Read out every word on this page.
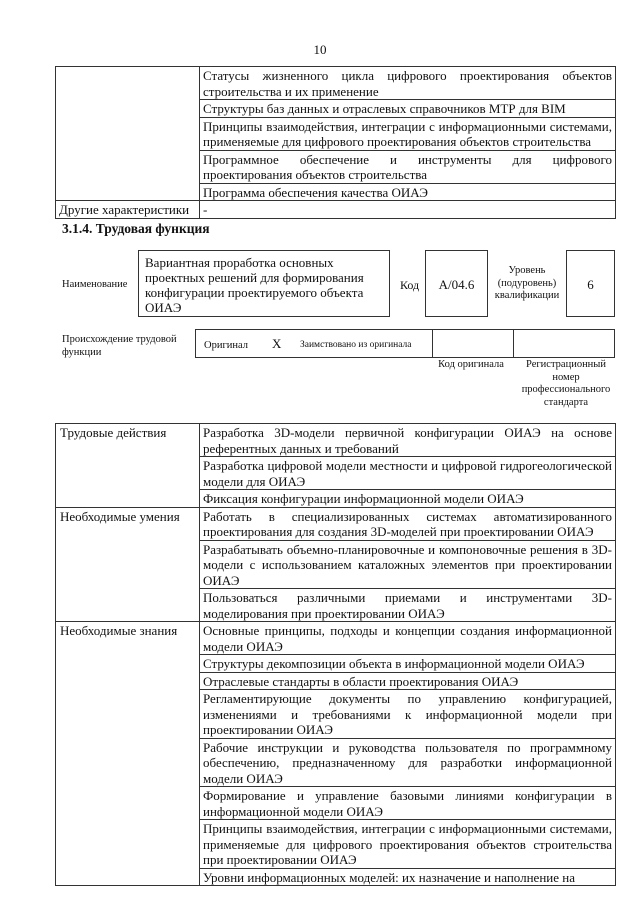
10
	Статусы жизненного цикла цифрового проектирования объектов строительства и их применение
	Структуры баз данных и отраслевых справочников МТР для BIM
	Принципы взаимодействия, интеграции с информационными системами, применяемые для цифрового проектирования объектов строительства
	Программное обеспечение и инструменты для цифрового проектирования объектов строительства
	Программа обеспечения качества ОИАЭ
Другие характеристики	-
3.1.4. Трудовая функция
Наименование
Вариантная проработка основных проектных решений для формирования конфигурации проектируемого объекта ОИАЭ
Код	A/04.6
Уровень (подуровень) квалификации
6
Происхождение трудовой функции
Оригинал X Заимствовано из оригинала
Код оригинала	Регистрационный номер профессионального стандарта
Трудовые действия	Разработка 3D-модели первичной конфигурации ОИАЭ на основе референтных данных и требований
	Разработка цифровой модели местности и цифровой гидрогеологической модели для ОИАЭ
	Фиксация конфигурации информационной модели ОИАЭ
Необходимые умения	Работать в специализированных системах автоматизированного проектирования для создания 3D-моделей при проектировании ОИАЭ
	Разрабатывать объемно-планировочные и компоновочные решения в 3D-модели с использованием каталожных элементов при проектировании ОИАЭ
	Пользоваться различными приемами и инструментами 3D-моделирования при проектировании ОИАЭ
Необходимые знания	Основные принципы, подходы и концепции создания информационной модели ОИАЭ
	Структуры декомпозиции объекта в информационной модели ОИАЭ
	Отраслевые стандарты в области проектирования ОИАЭ
	Регламентирующие документы по управлению конфигурацией, изменениями и требованиями к информационной модели при проектировании ОИАЭ
	Рабочие инструкции и руководства пользователя по программному обеспечению, предназначенному для разработки информационной модели ОИАЭ
	Формирование и управление базовыми линиями конфигурации в информационной модели ОИАЭ
	Принципы взаимодействия, интеграции с информационными системами, применяемые для цифрового проектирования объектов строительства при проектировании ОИАЭ
	Уровни информационных моделей: их назначение и наполнение на
